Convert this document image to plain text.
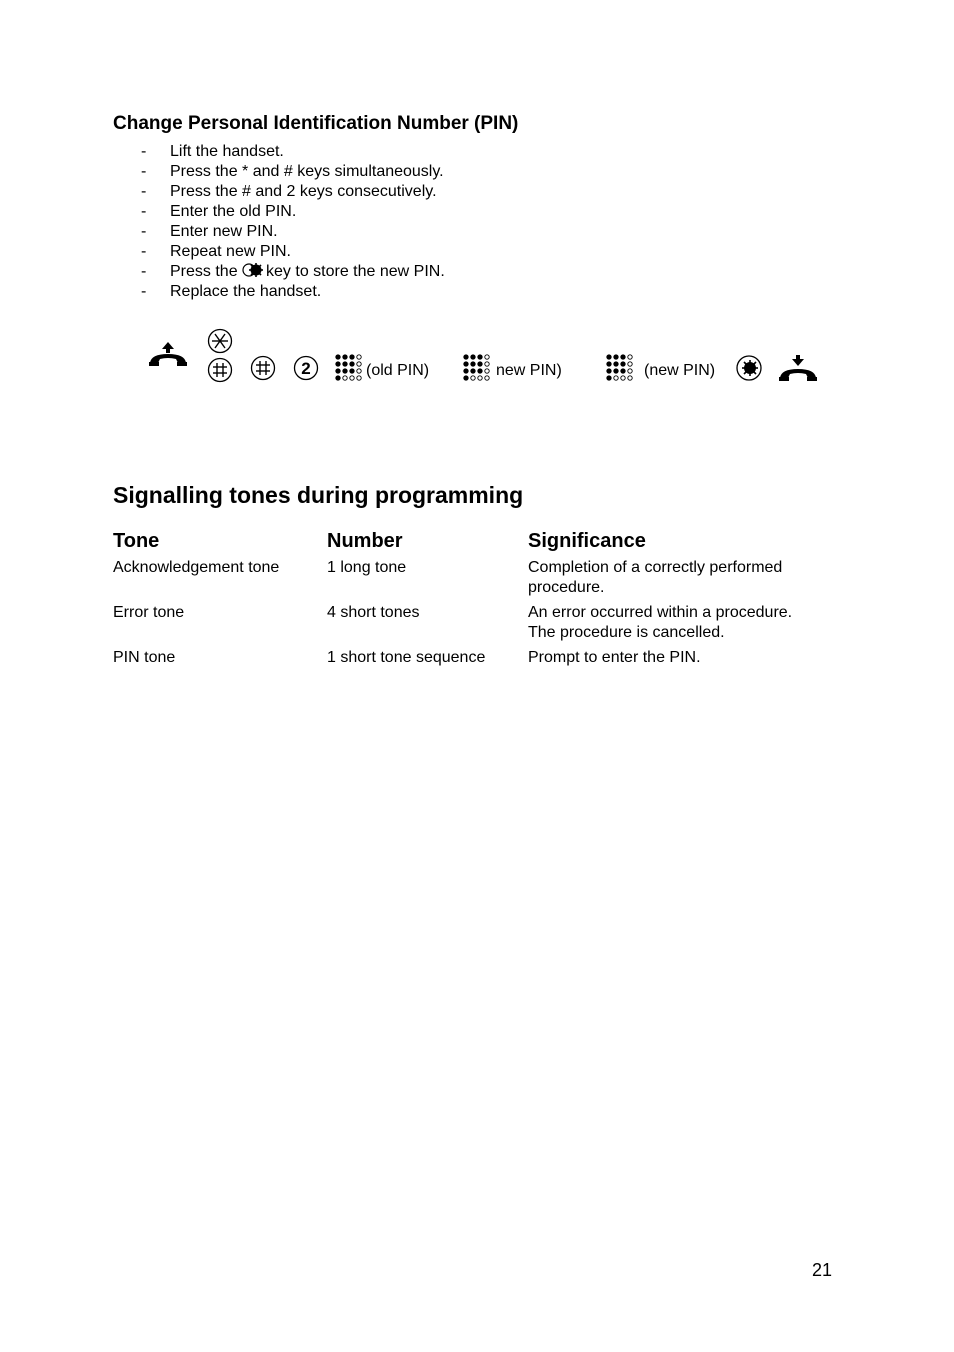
Change Personal Identification Number (PIN)
- Lift the handset.
- Press the * and # keys simultaneously.
- Press the # and 2 keys consecutively.
- Enter the old PIN.
- Enter new PIN.
- Repeat new PIN.
- Press the key to store the new PIN.
- Replace the handset.
2	(old PIN)	new PIN)	(new PIN)
Signalling tones during programming
Tone	Number	Significance
Acknowledgement tone	1 long tone	Completion of a correctly performed
procedure.
Error tone	4 short tones	An error occurred within a procedure.
The procedure is cancelled.
PIN tone	1 short tone sequence	Prompt to enter the PIN.
21
